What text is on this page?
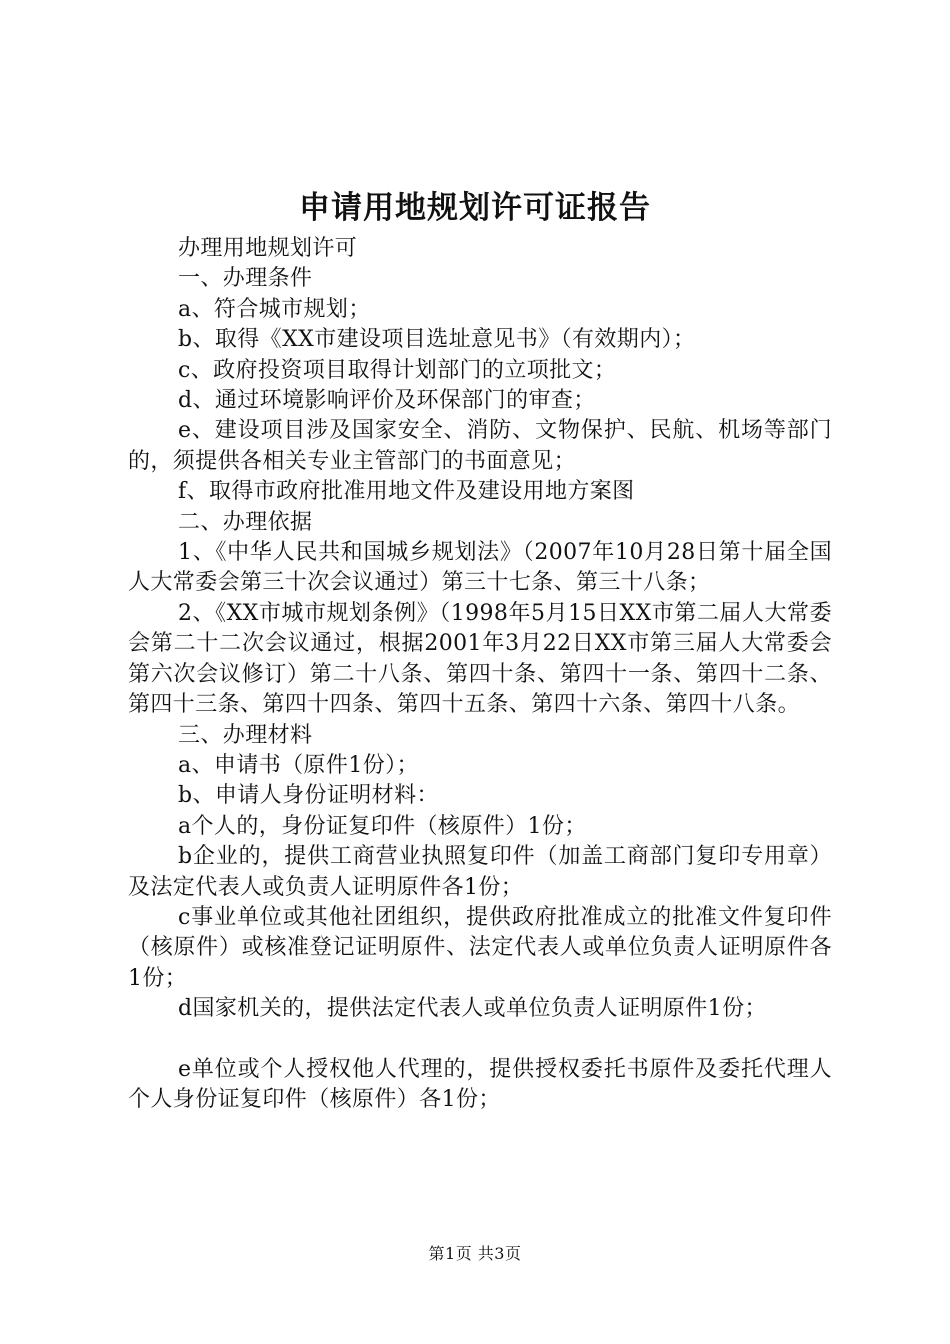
申请用地规划许可证报告

办理用地规划许可

一、办理条件

a、符合城市规划；

b、取得《XX市建设项目选址意见书》（有效期内）；

c、政府投资项目取得计划部门的立项批文；

d、通过环境影响评价及环保部门的审查；

e、建设项目涉及国家安全、消防、文物保护、民航、机场等部门的，须提供各相关专业主管部门的书面意见；

f、取得市政府批准用地文件及建设用地方案图

二、办理依据

1、《中华人民共和国城乡规划法》（2007年10月28日第十届全国人大常委会第三十次会议通过）第三十七条、第三十八条；

2、《XX市城市规划条例》（1998年5月15日XX市第二届人大常委会第二十二次会议通过，根据2001年3月22日XX市第三届人大常委会第六次会议修订）第二十八条、第四十条、第四十一条、第四十二条、第四十三条、第四十四条、第四十五条、第四十六条、第四十八条。

三、办理材料

a、申请书（原件1份）；

b、申请人身份证明材料：

a个人的，身份证复印件（核原件）1份；

b企业的，提供工商营业执照复印件（加盖工商部门复印专用章）及法定代表人或负责人证明原件各1份；

c事业单位或其他社团组织，提供政府批准成立的批准文件复印件（核原件）或核准登记证明原件、法定代表人或单位负责人证明原件各1份；

d国家机关的，提供法定代表人或单位负责人证明原件1份；

e单位或个人授权他人代理的，提供授权委托书原件及委托代理人个人身份证复印件（核原件）各1份；

第1页 共3页
